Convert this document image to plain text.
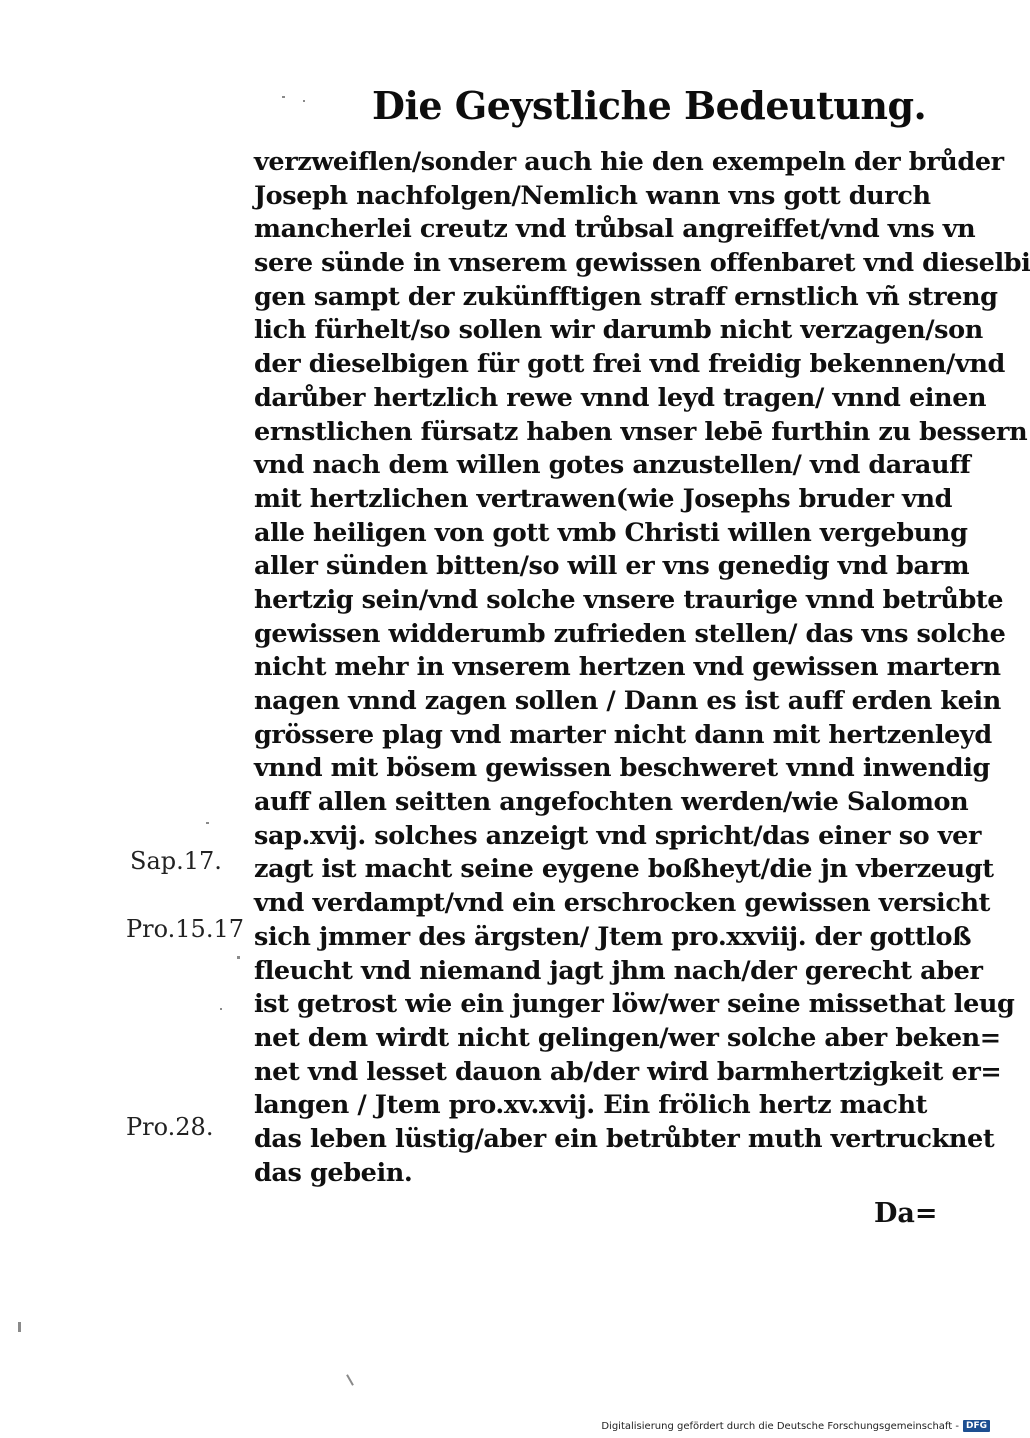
Die Geystliche Bedeutung.
verzweiflen/sonder auch hie den exempeln der brůder
Joseph nachfolgen/Nemlich wann vns gott durch
mancherlei creutz vnd trůbsal angreiffet/vnd vns vn
sere sünde in vnserem gewissen offenbaret vnd dieselbi
gen sampt der zukünfftigen straff ernstlich vñ streng
lich fürhelt/so sollen wir darumb nicht verzagen/son
der dieselbigen für gott frei vnd freidig bekennen/vnd
darůber hertzlich rewe vnnd leyd tragen/ vnnd einen
ernstlichen fürsatz haben vnser lebē furthin zu bessern
vnd nach dem willen gotes anzustellen/ vnd darauff
mit hertzlichen vertrawen(wie Josephs bruder vnd
alle heiligen von gott vmb Christi willen vergebung
aller sünden bitten/so will er vns genedig vnd barm
hertzig sein/vnd solche vnsere traurige vnnd betrůbte
gewissen widderumb zufrieden stellen/ das vns solche
nicht mehr in vnserem hertzen vnd gewissen martern
nagen vnnd zagen sollen / Dann es ist auff erden kein
grössere plag vnd marter nicht dann mit hertzenleyd
vnnd mit bösem gewissen beschweret vnnd inwendig
auff allen seitten angefochten werden/wie Salomon
sap.xvij. solches anzeigt vnd spricht/das einer so ver
zagt ist macht seine eygene boßheyt/die jn vberzeugt
vnd verdampt/vnd ein erschrocken gewissen versicht
sich jmmer des ärgsten/ Jtem pro.xxviij. der gottloß
fleucht vnd niemand jagt jhm nach/der gerecht aber
ist getrost wie ein junger löw/wer seine missethat leug
net dem wirdt nicht gelingen/wer solche aber beken=
net vnd lesset dauon ab/der wird barmhertzigkeit er=
langen / Jtem pro.xv.xvij. Ein frölich hertz macht
das leben lüstig/aber ein betrůbter muth vertrucknet
das gebein.
Sap.17.
Pro.15.17
Pro.28.
Da=
Digitalisierung gefördert durch die Deutsche Forschungsgemeinschaft - DFG
